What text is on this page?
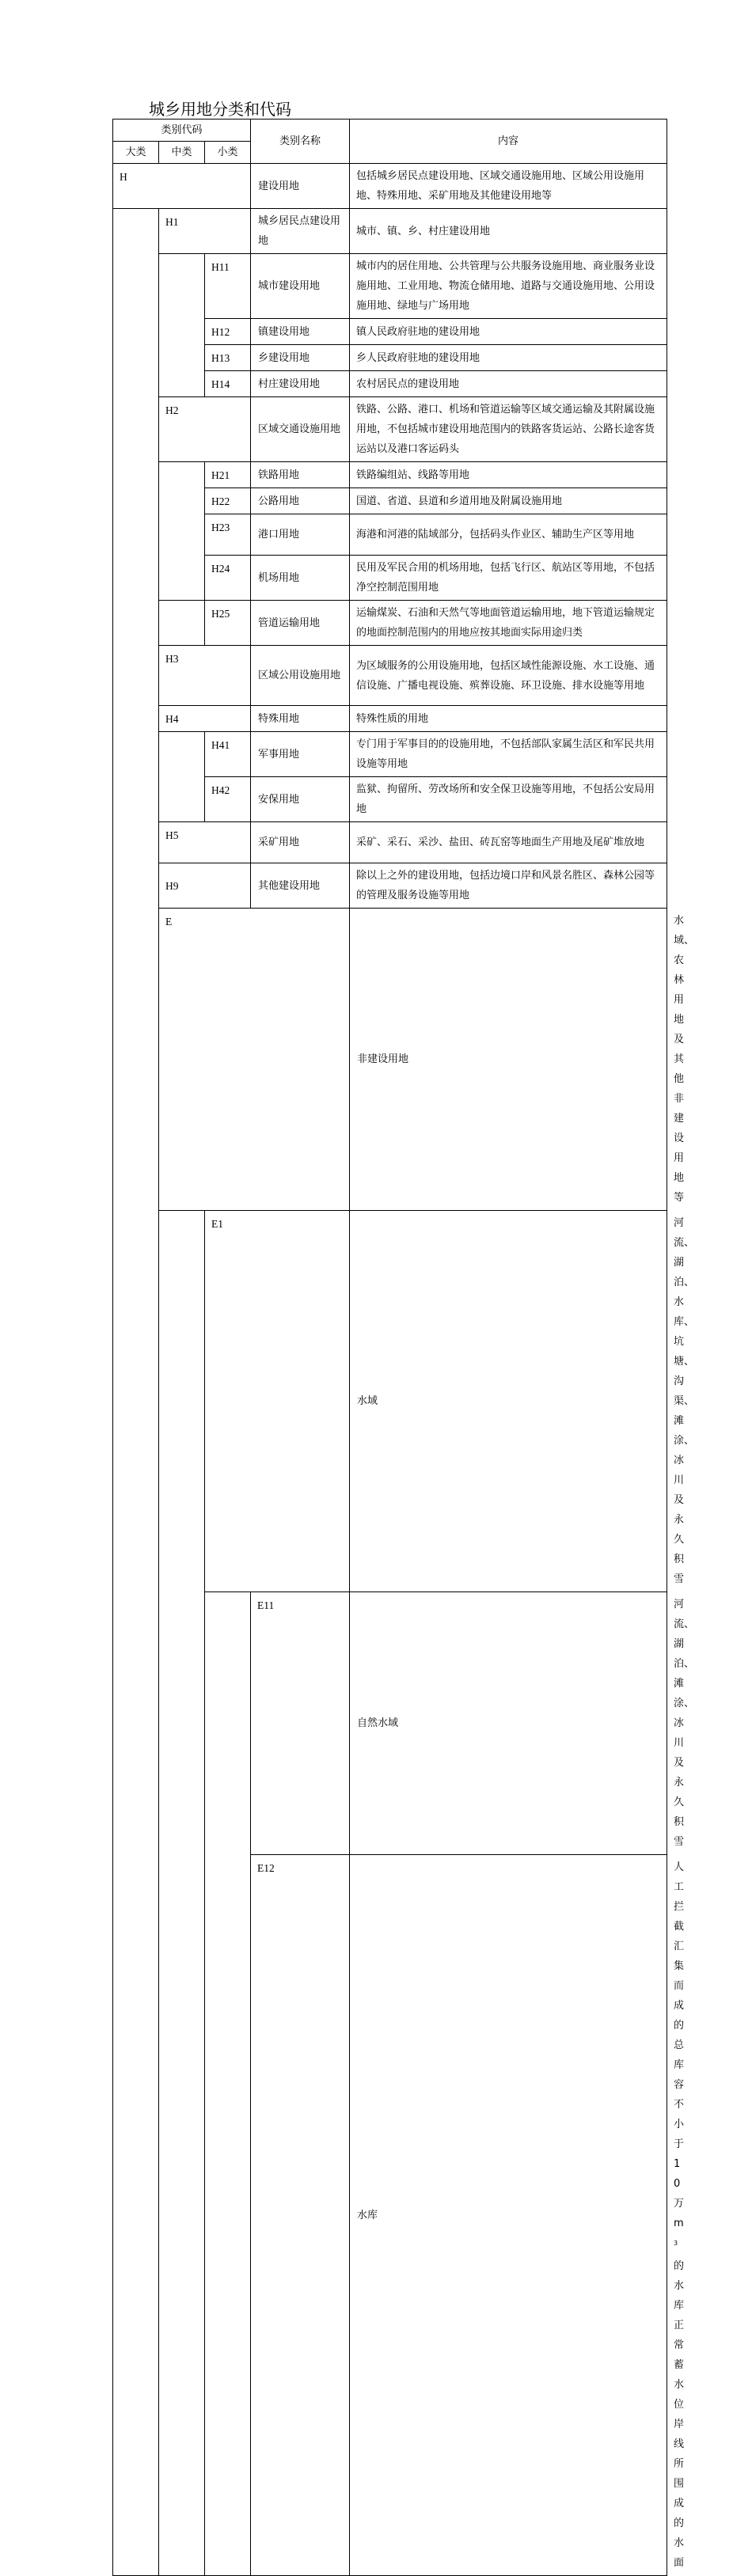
城乡用地分类和代码
类别代码			类别名称	内容	
大类	中类	小类			
H			建设用地	包括城乡居民点建设用地、区域交通设施用地、区域公用设施用地、特殊用地、采矿用地及其他建设用地等	
	H1		城乡居民点建设用地	城市、镇、乡、村庄建设用地	
		H11	城市建设用地	城市内的居住用地、公共管理与公共服务设施用地、商业服务业设施用地、工业用地、物流仓储用地、道路与交通设施用地、公用设施用地、绿地与广场用地	
		H12	镇建设用地	镇人民政府驻地的建设用地	
		H13	乡建设用地	乡人民政府驻地的建设用地	
		H14	村庄建设用地	农村居民点的建设用地	
	H2		区域交通设施用地	铁路、公路、港口、机场和管道运输等区域交通运输及其附属设施用地，不包括城市建设用地范围内的铁路客货运站、公路长途客货运站以及港口客运码头	
		H21	铁路用地	铁路编组站、线路等用地	
		H22	公路用地	国道、省道、县道和乡道用地及附属设施用地	
		H23	港口用地	海港和河港的陆域部分，包括码头作业区、辅助生产区等用地	
		H24	机场用地	民用及军民合用的机场用地，包括飞行区、航站区等用地，不包括净空控制范围用地	
		H25	管道运输用地	运输煤炭、石油和天然气等地面管道运输用地，地下管道运输规定的地面控制范围内的用地应按其地面实际用途归类	
	H3		区域公用设施用地	为区域服务的公用设施用地，包括区域性能源设施、水工设施、通信设施、广播电视设施、殡葬设施、环卫设施、排水设施等用地	
	H4		特殊用地	特殊性质的用地	
		H41	军事用地	专门用于军事目的的设施用地，不包括部队家属生活区和军民共用设施等用地	
		H42	安保用地	监狱、拘留所、劳改场所和安全保卫设施等用地，不包括公安局用地	
	H5		采矿用地	采矿、采石、采沙、盐田、砖瓦窑等地面生产用地及尾矿堆放地	
	H9		其他建设用地	除以上之外的建设用地，包括边境口岸和风景名胜区、森林公园等的管理及服务设施等用地	
	E			非建设用地	水域、农林用地及其他非建设用地等
		E1		水域	河流、湖泊、水库、坑塘、沟渠、滩涂、冰川及永久积雪
			E11	自然水域	河流、湖泊、滩涂、冰川及永久积雪
			E12	水库	人工拦截汇集而成的总库容不小于 10 万 $m^3$的水库正常蓄水位岸线所围成的水面
